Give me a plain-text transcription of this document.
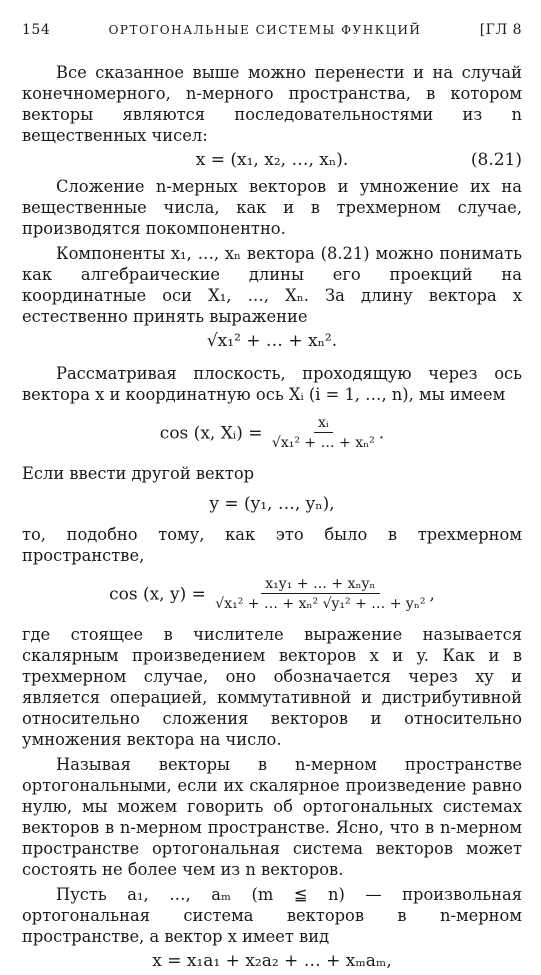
154	ОРТОГОНАЛЬНЫЕ СИСТЕМЫ ФУНКЦИЙ	[ГЛ 8

Все сказанное выше можно перенести и на случай конечномерного, n-мерного пространства, в котором векторы являются последовательностями из n вещественных чисел:

x = (x₁, x₂, …, xₙ).	(8.21)

Сложение n-мерных векторов и умножение их на вещественные числа, как и в трехмерном случае, производятся покомпонентно.

Компоненты x₁, …, xₙ вектора (8.21) можно понимать как алгебраические длины его проекций на координатные оси X₁, …, Xₙ. За длину вектора x естественно принять выражение

√x₁² + … + xₙ².

Рассматривая плоскость, проходящую через ось вектора x и координатную ось Xᵢ (i = 1, …, n), мы имеем

cos (x, Xᵢ) = $\frac{\text{xᵢ}}{\text{√x₁² + … + xₙ²}}$ .

Если ввести другой вектор

y = (y₁, …, yₙ),

то, подобно тому, как это было в трехмерном пространстве,

cos (x, $y) = \frac{\text{x₁y₁ + … + xₙyₙ}}{\text{√x₁² + … + xₙ² √y₁² + … + yₙ²}}$ ,

где стоящее в числителе выражение называется скалярным произведением векторов x и y. Как и в трехмерном случае, оно обозначается через xy и является операцией, коммутативной и дистрибутивной относительно сложения векторов и относительно умножения вектора на число.

Называя векторы в n-мерном пространстве ортогональными, если их скалярное произведение равно нулю, мы можем говорить об ортогональных системах векторов в n-мерном пространстве. Ясно, что в n-мерном пространстве ортогональная система векторов может состоять не более чем из n векторов.

Пусть a₁, …, aₘ (m ≦ n) — произвольная ортогональная система векторов в n-мерном пространстве, а вектор x имеет вид

x = x₁a₁ + x₂a₂ + … + xₘaₘ,
